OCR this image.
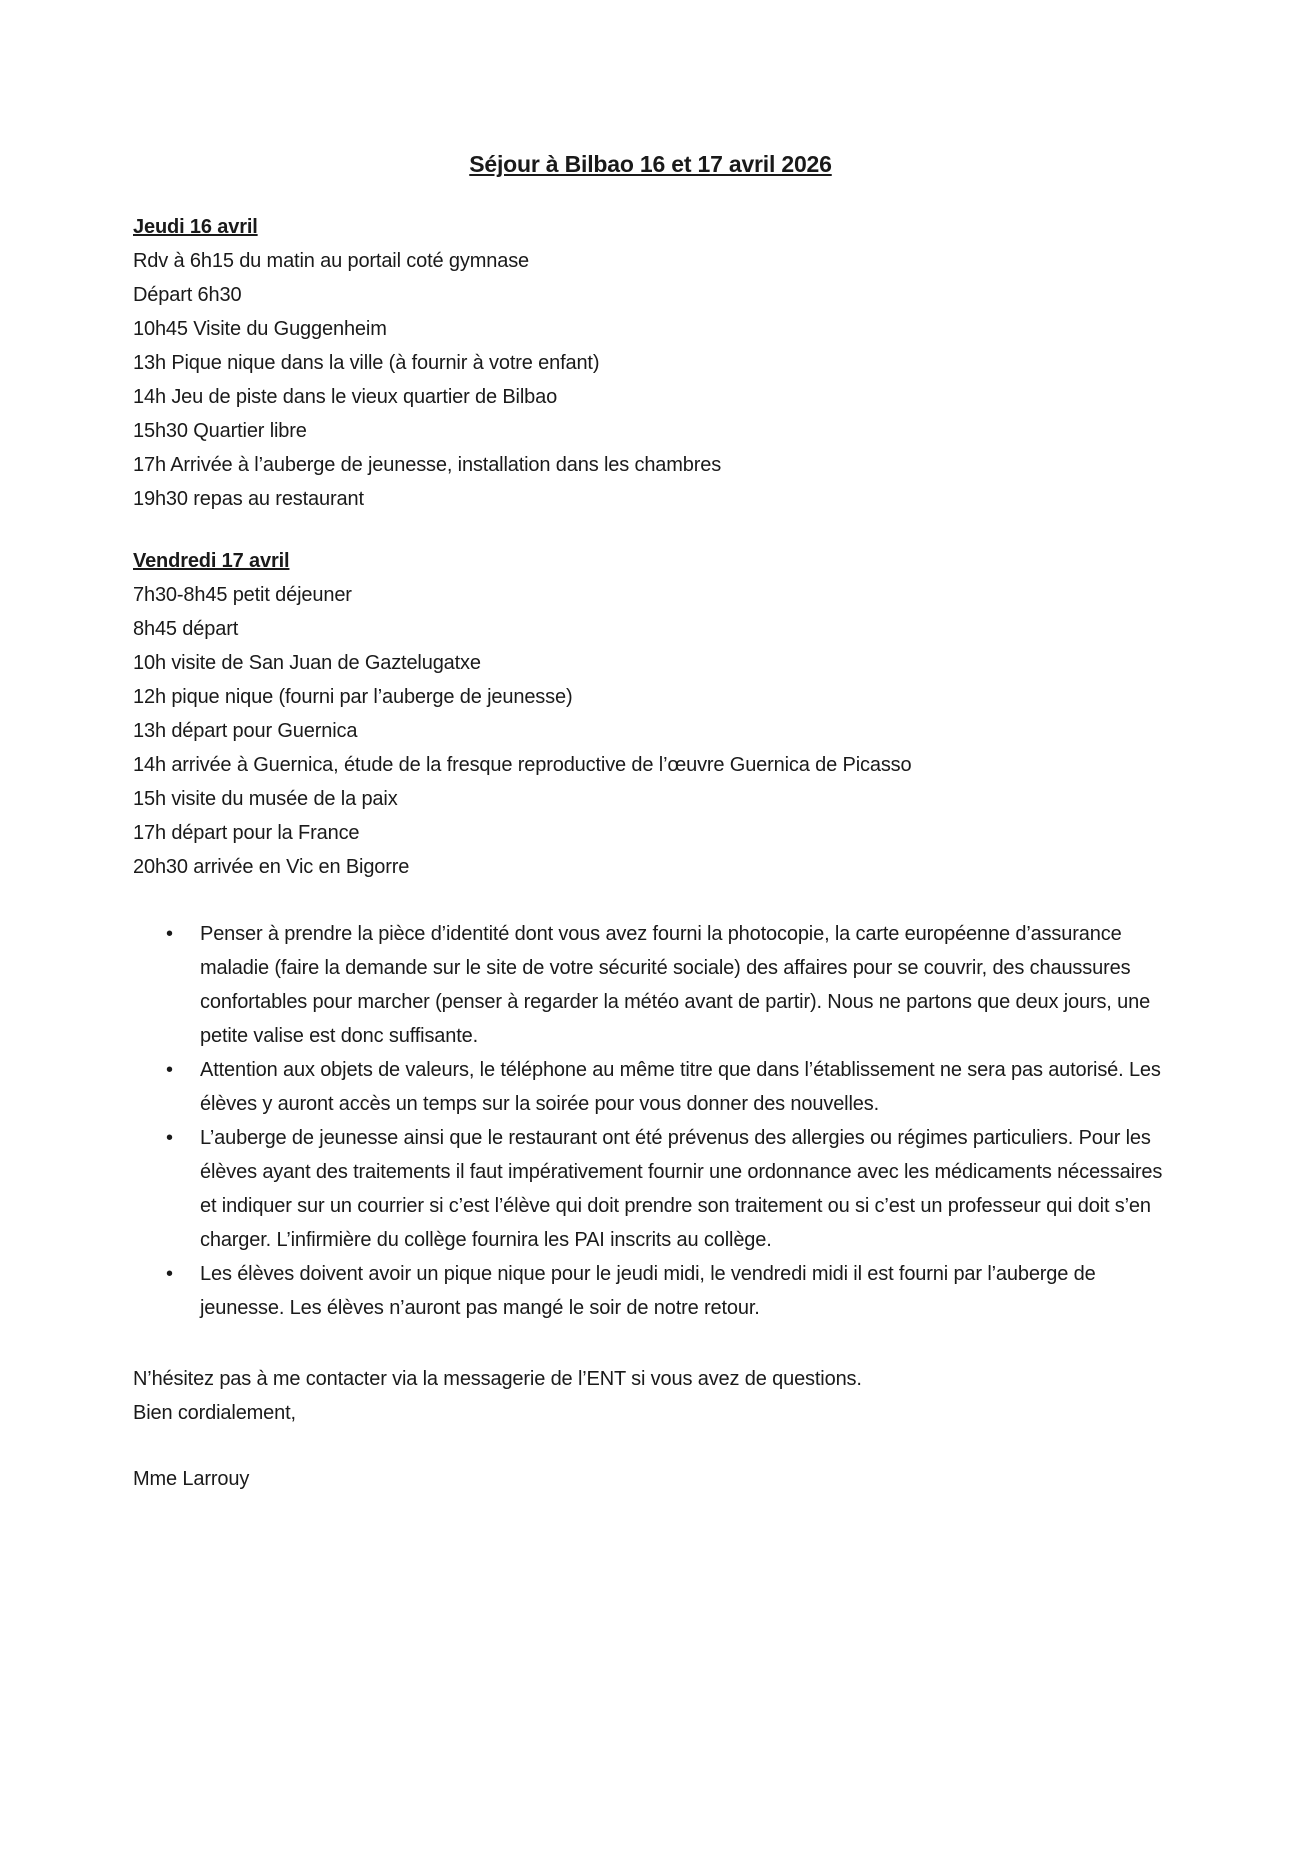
Séjour à Bilbao 16 et 17 avril 2026
Jeudi 16 avril

Rdv à 6h15 du matin au portail coté gymnase

Départ 6h30

10h45 Visite du Guggenheim

13h Pique nique dans la ville (à fournir à votre enfant)

14h Jeu de piste dans le vieux quartier de Bilbao

15h30 Quartier libre

17h Arrivée à l’auberge de jeunesse, installation dans les chambres

19h30 repas au restaurant

Vendredi 17 avril

7h30-8h45 petit déjeuner

8h45 départ

10h visite de San Juan de Gaztelugatxe

12h pique nique (fourni par l’auberge de jeunesse)

13h départ pour Guernica

14h arrivée à Guernica, étude de la fresque reproductive de l’œuvre Guernica de Picasso

15h visite du musée de la paix

17h départ pour la France

20h30 arrivée en Vic en Bigorre

• Penser à prendre la pièce d’identité dont vous avez fourni la photocopie, la carte européenne d’assurance maladie (faire la demande sur le site de votre sécurité sociale) des affaires pour se couvrir, des chaussures confortables pour marcher (penser à regarder la météo avant de partir). Nous ne partons que deux jours, une petite valise est donc suffisante.
• Attention aux objets de valeurs, le téléphone au même titre que dans l’établissement ne sera pas autorisé. Les élèves y auront accès un temps sur la soirée pour vous donner des nouvelles.
• L’auberge de jeunesse ainsi que le restaurant ont été prévenus des allergies ou régimes particuliers. Pour les élèves ayant des traitements il faut impérativement fournir une ordonnance avec les médicaments nécessaires et indiquer sur un courrier si c’est l’élève qui doit prendre son traitement ou si c’est un professeur qui doit s’en charger. L’infirmière du collège fournira les PAI inscrits au collège.
• Les élèves doivent avoir un pique nique pour le jeudi midi, le vendredi midi il est fourni par l’auberge de jeunesse. Les élèves n’auront pas mangé le soir de notre retour.

N’hésitez pas à me contacter via la messagerie de l’ENT si vous avez de questions.

Bien cordialement,

Mme Larrouy
